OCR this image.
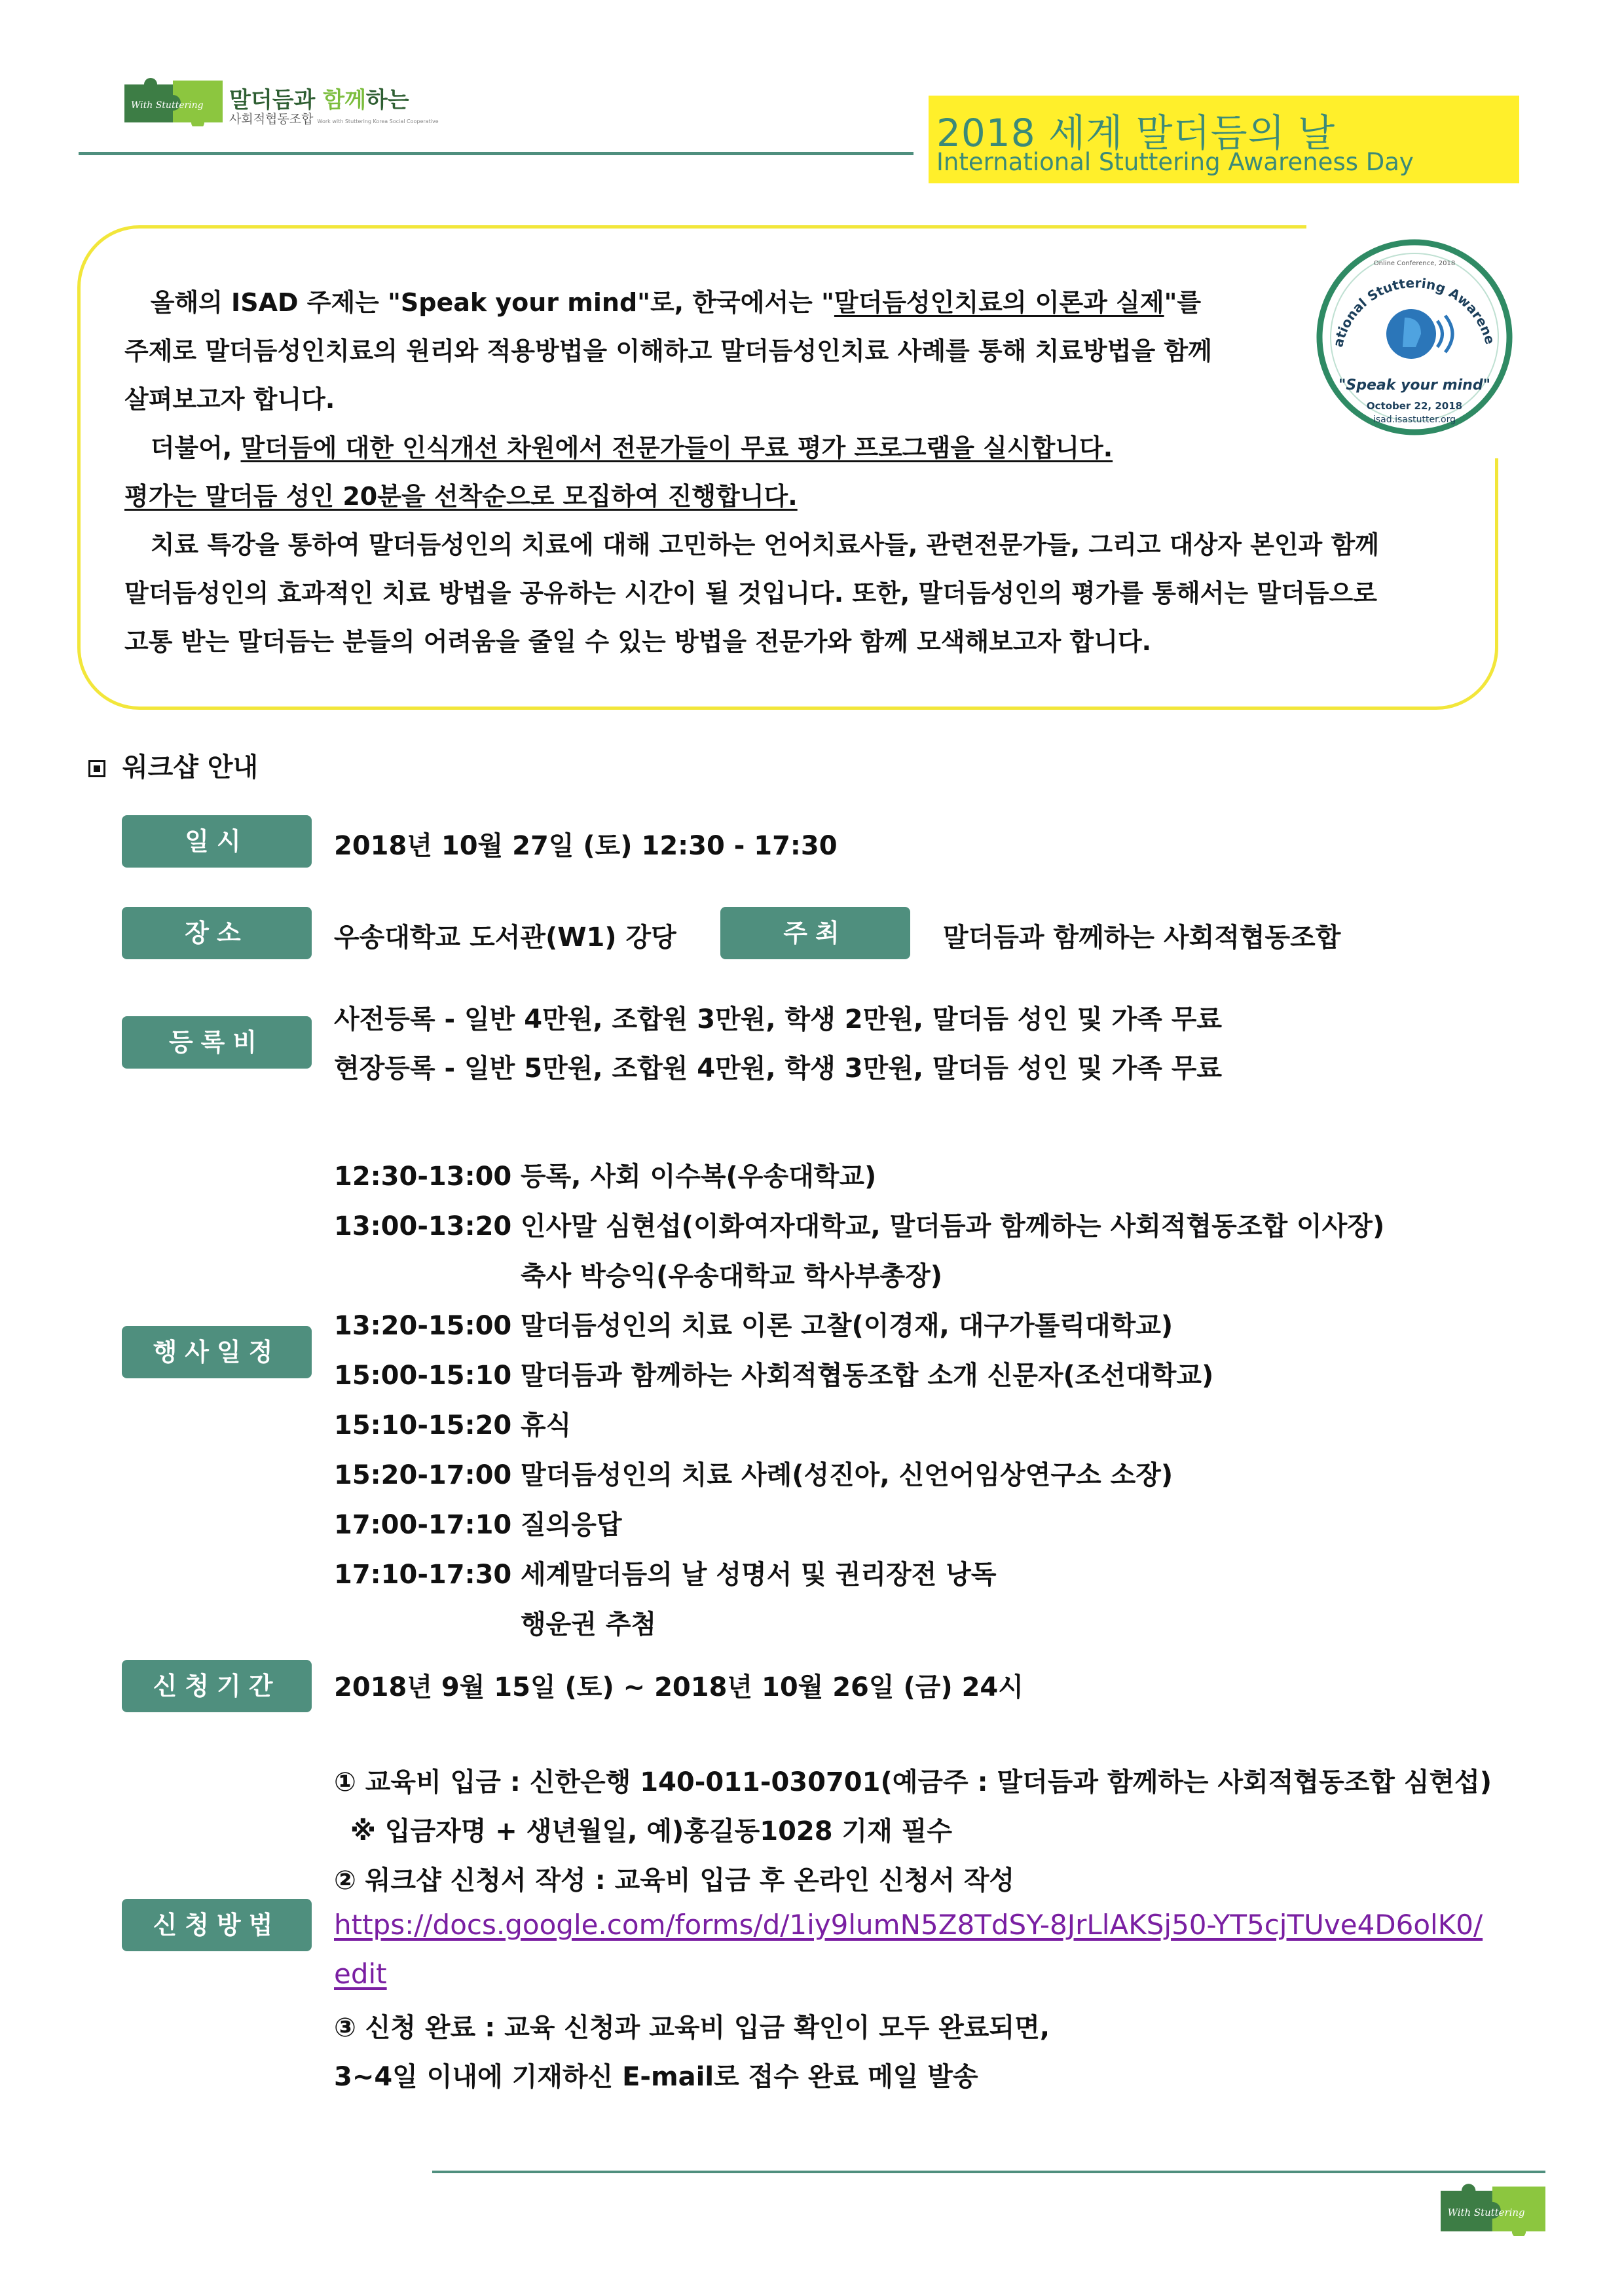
With Stuttering 말더듬과 함께하는
사회적협동조합 Work with Stuttering Korea Social Cooperative	2018 세계 말더듬의 날
International Stuttering Awareness Day
ational Stuttering Awarene
Online Conference, 2018
"Speak your mind"
October 22, 2018
isad.isastutter.org

올해의 ISAD 주제는 "Speak your mind"로, 한국에서는 "말더듬성인치료의 이론과 실제"를

주제로 말더듬성인치료의 원리와 적용방법을 이해하고 말더듬성인치료 사례를 통해 치료방법을 함께

살펴보고자 합니다.

더불어, 말더듬에 대한 인식개선 차원에서 전문가들이 무료 평가 프로그램을 실시합니다.

평가는 말더듬 성인 20분을 선착순으로 모집하여 진행합니다.

치료 특강을 통하여 말더듬성인의 치료에 대해 고민하는 언어치료사들, 관련전문가들, 그리고 대상자 본인과 함께

말더듬성인의 효과적인 치료 방법을 공유하는 시간이 될 것입니다. 또한, 말더듬성인의 평가를 통해서는 말더듬으로

고통 받는 말더듬는 분들의 어려움을 줄일 수 있는 방법을 전문가와 함께 모색해보고자 합니다.

워크샵 안내
일시	2018년 10월 27일 (토) 12:30 - 17:30
장소	우송대학교 도서관(W1) 강당	주최	말더듬과 함께하는 사회적협동조합
등록비
사전등록 - 일반 4만원, 조합원 3만원, 학생 2만원, 말더듬 성인 및 가족 무료
현장등록 - 일반 5만원, 조합원 4만원, 학생 3만원, 말더듬 성인 및 가족 무료
행사일정
12:30-13:00 등록, 사회 이수복(우송대학교)
13:00-13:20 인사말 심현섭(이화여자대학교, 말더듬과 함께하는 사회적협동조합 이사장)
축사 박승익(우송대학교 학사부총장)
13:20-15:00 말더듬성인의 치료 이론 고찰(이경재, 대구가톨릭대학교)
15:00-15:10 말더듬과 함께하는 사회적협동조합 소개 신문자(조선대학교)
15:10-15:20 휴식
15:20-17:00 말더듬성인의 치료 사례(성진아, 신언어임상연구소 소장)
17:00-17:10 질의응답
17:10-17:30 세계말더듬의 날 성명서 및 권리장전 낭독
행운권 추첨
신청기간	2018년 9월 15일 (토) ~ 2018년 10월 26일 (금) 24시
신청방법
① 교육비 입금 : 신한은행 140-011-030701(예금주 : 말더듬과 함께하는 사회적협동조합 심현섭)
※ 입금자명 + 생년월일, 예)홍길동1028 기재 필수
② 워크샵 신청서 작성 : 교육비 입금 후 온라인 신청서 작성
https://docs.google.com/forms/d/1iy9lumN5Z8TdSY-8JrLlAKSj50-YT5cjTUve4D6olK0/
edit
③ 신청 완료 : 교육 신청과 교육비 입금 확인이 모두 완료되면,
3~4일 이내에 기재하신 E-mail로 접수 완료 메일 발송
With Stuttering
